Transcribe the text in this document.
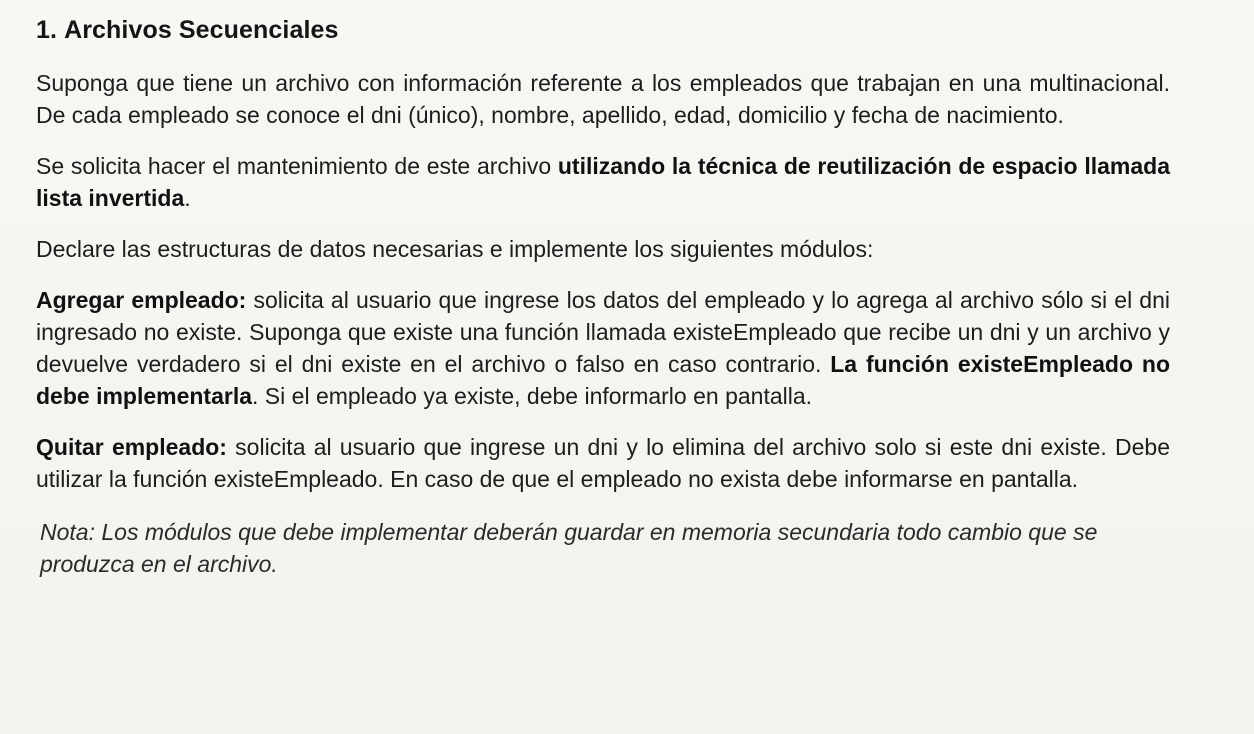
1. Archivos Secuenciales

Suponga que tiene un archivo con información referente a los empleados que trabajan en una multinacional. De cada empleado se conoce el dni (único), nombre, apellido, edad, domicilio y fecha de nacimiento.

Se solicita hacer el mantenimiento de este archivo utilizando la técnica de reutilización de espacio llamada lista invertida.

Declare las estructuras de datos necesarias e implemente los siguientes módulos:

Agregar empleado: solicita al usuario que ingrese los datos del empleado y lo agrega al archivo sólo si el dni ingresado no existe. Suponga que existe una función llamada existeEmpleado que recibe un dni y un archivo y devuelve verdadero si el dni existe en el archivo o falso en caso contrario. La función existeEmpleado no debe implementarla. Si el empleado ya existe, debe informarlo en pantalla.

Quitar empleado: solicita al usuario que ingrese un dni y lo elimina del archivo solo si este dni existe. Debe utilizar la función existeEmpleado. En caso de que el empleado no exista debe informarse en pantalla.

Nota: Los módulos que debe implementar deberán guardar en memoria secundaria todo cambio que se produzca en el archivo.
